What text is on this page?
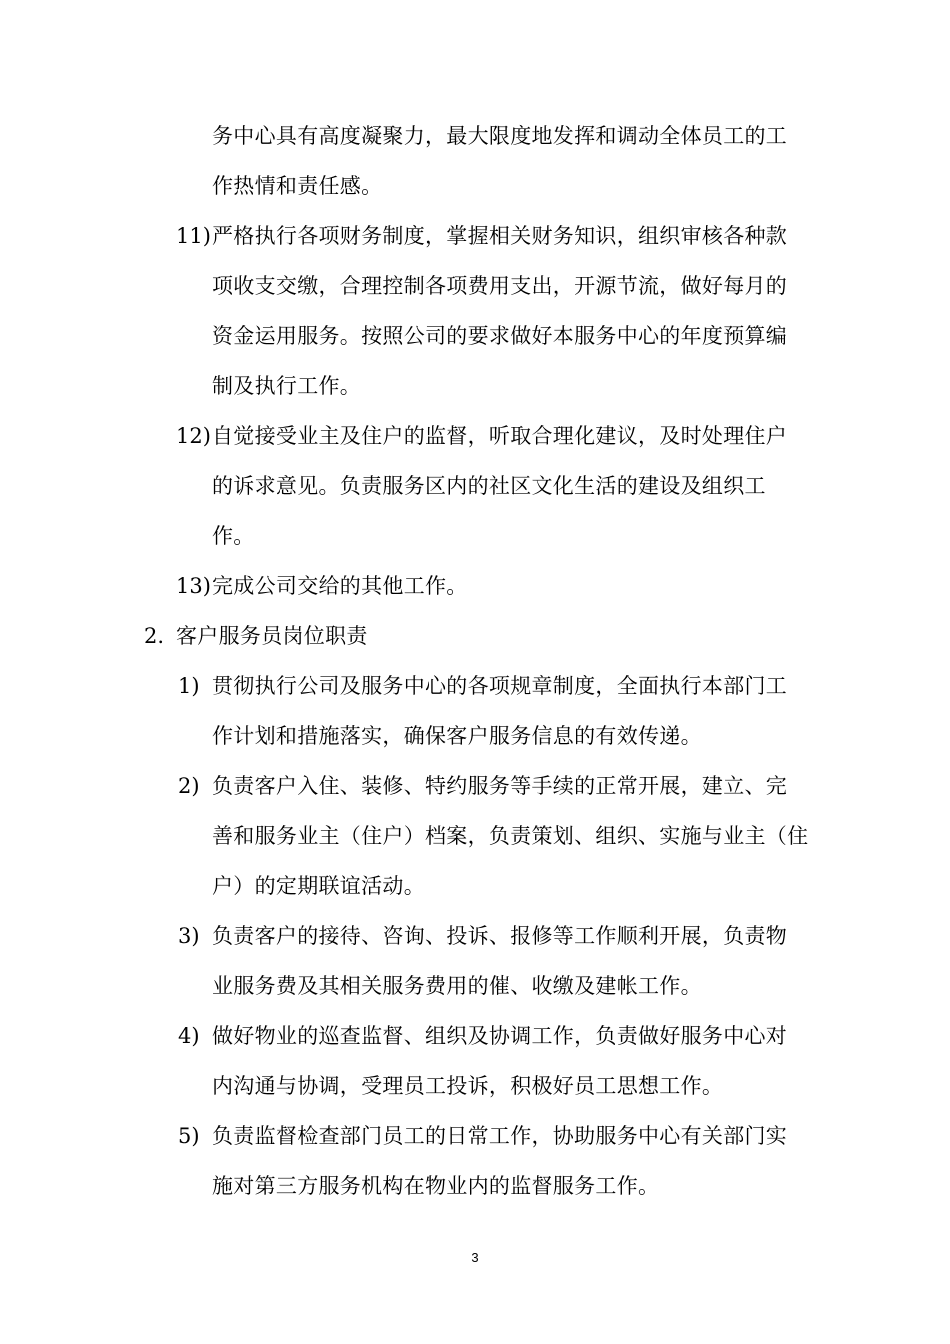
务中心具有高度凝聚力，最大限度地发挥和调动全体员工的工
作热情和责任感。
11) 严格执行各项财务制度，掌握相关财务知识，组织审核各种款
项收支交缴，合理控制各项费用支出，开源节流，做好每月的
资金运用服务。按照公司的要求做好本服务中心的年度预算编
制及执行工作。
12) 自觉接受业主及住户的监督，听取合理化建议，及时处理住户
的诉求意见。负责服务区内的社区文化生活的建设及组织工
作。
13) 完成公司交给的其他工作。
2. 客户服务员岗位职责
1) 贯彻执行公司及服务中心的各项规章制度，全面执行本部门工
作计划和措施落实，确保客户服务信息的有效传递。
2) 负责客户入住、装修、特约服务等手续的正常开展，建立、完
善和服务业主（住户）档案，负责策划、组织、实施与业主（住
户）的定期联谊活动。
3) 负责客户的接待、咨询、投诉、报修等工作顺利开展，负责物
业服务费及其相关服务费用的催、收缴及建帐工作。
4) 做好物业的巡查监督、组织及协调工作，负责做好服务中心对
内沟通与协调，受理员工投诉，积极好员工思想工作。
5) 负责监督检查部门员工的日常工作，协助服务中心有关部门实
施对第三方服务机构在物业内的监督服务工作。
3
